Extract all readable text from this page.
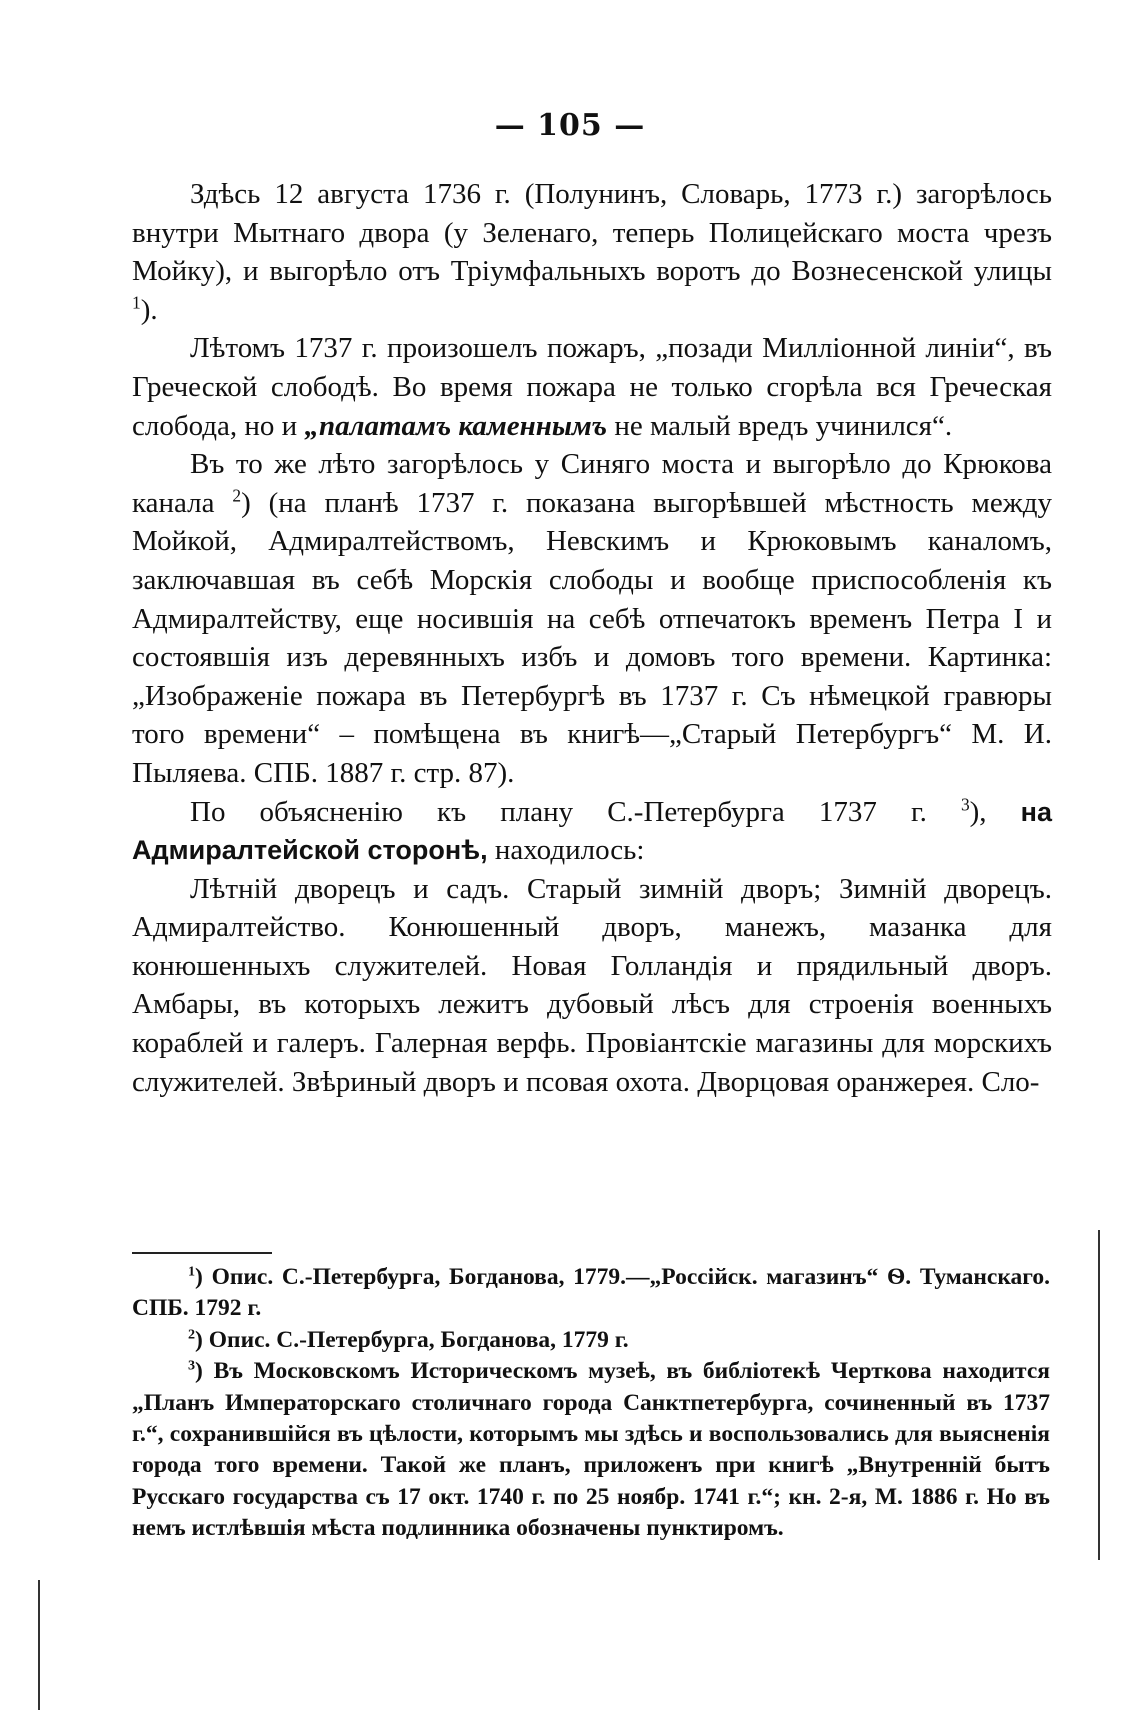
— 105 —

Здѣсь 12 августа 1736 г. (Полунинъ, Словарь, 1773 г.) загорѣлось внутри Мытнаго двора (у Зеленаго, теперь Полицейскаго моста чрезъ Мойку), и выгорѣло отъ Тріумфальныхъ воротъ до Вознесенской улицы $^1$).

Лѣтомъ 1737 г. произошелъ пожаръ, „позади Милліонной линіи“, въ Греческой слободѣ. Во время пожара не только сгорѣла вся Греческая слобода, но и „палатамъ каменнымъ не малый вредъ учинился“.

Въ то же лѣто загорѣлось у Синяго моста и выгорѣло до Крюкова канала $^2$) (на планѣ 1737 г. показана выгорѣвшей мѣстность между Мойкой, Адмиралтействомъ, Невскимъ и Крюковымъ каналомъ, заключавшая въ себѣ Морскія слободы и вообще приспособленія къ Адмиралтейству, еще носившія на себѣ отпечатокъ временъ Петра I и состоявшія изъ деревянныхъ избъ и домовъ того времени. Картинка: „Изображеніе пожара въ Петербургѣ въ 1737 г. Съ нѣмецкой гравюры того времени“ – помѣщена въ книгѣ—„Старый Петербургъ“ М. И. Пыляева. СПБ. 1887 г. стр. 87).

По объясненію къ плану С.-Петербурга 1737 г. $^3$), на Адмиралтейской сторонѣ, находилось:

Лѣтній дворецъ и садъ. Старый зимній дворъ; Зимній дворецъ. Адмиралтейство. Конюшенный дворъ, манежъ, мазанка для конюшенныхъ служителей. Новая Голландія и прядильный дворъ. Амбары, въ которыхъ лежитъ дубовый лѣсъ для строенія военныхъ кораблей и галеръ. Галерная верфь. Провіантскіе магазины для морскихъ служителей. Звѣриный дворъ и псовая охота. Дворцовая оранжерея. Сло-

$^1$) Опис. С.-Петербурга, Богданова, 1779.—„Россійск. магазинъ“ Ѳ. Туманскаго. СПБ. 1792 г.

$^2$) Опис. С.-Петербурга, Богданова, 1779 г.

$^3$) Въ Московскомъ Историческомъ музеѣ, въ библіотекѣ Черткова находится „Планъ Императорскаго столичнаго города Санктпетербурга, сочиненный въ 1737 г.“, сохранившійся въ цѣлости, которымъ мы здѣсь и воспользовались для выясненія города того времени. Такой же планъ, приложенъ при книгѣ „Внутренній бытъ Русскаго государства съ 17 окт. 1740 г. по 25 ноябр. 1741 г.“; кн. 2-я, М. 1886 г. Но въ немъ истлѣвшія мѣста подлинника обозначены пунктиромъ.
